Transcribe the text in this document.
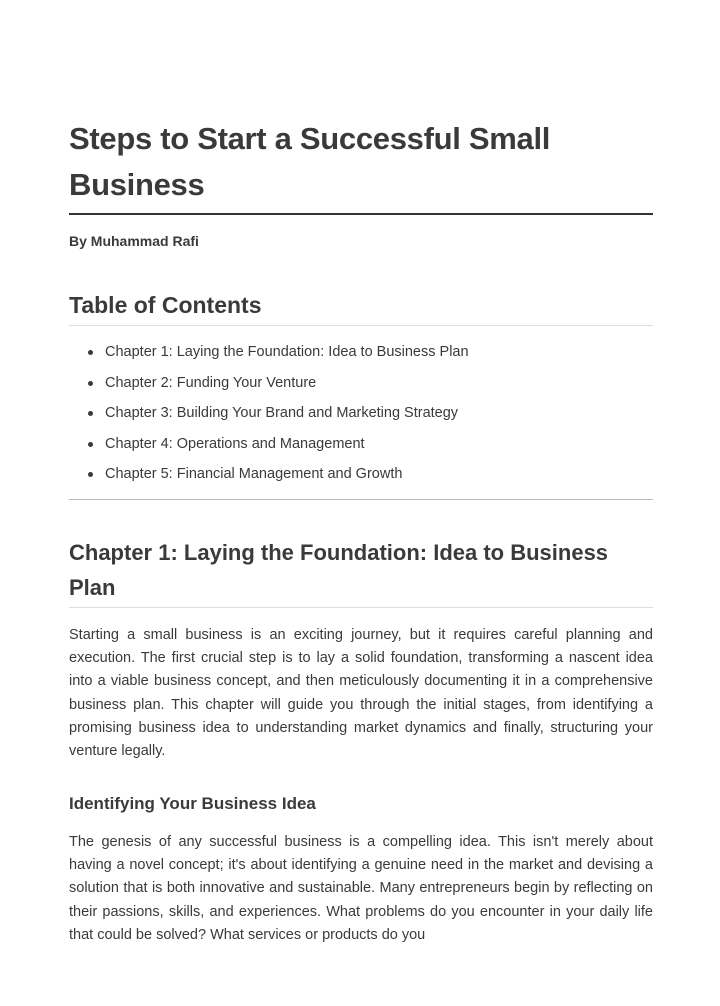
Steps to Start a Successful Small Business
By Muhammad Rafi
Table of Contents
Chapter 1: Laying the Foundation: Idea to Business Plan
Chapter 2: Funding Your Venture
Chapter 3: Building Your Brand and Marketing Strategy
Chapter 4: Operations and Management
Chapter 5: Financial Management and Growth
Chapter 1: Laying the Foundation: Idea to Business Plan

Starting a small business is an exciting journey, but it requires careful planning and execution. The first crucial step is to lay a solid foundation, transforming a nascent idea into a viable business concept, and then meticulously documenting it in a comprehensive business plan. This chapter will guide you through the initial stages, from identifying a promising business idea to understanding market dynamics and finally, structuring your venture legally.

Identifying Your Business Idea

The genesis of any successful business is a compelling idea. This isn't merely about having a novel concept; it's about identifying a genuine need in the market and devising a solution that is both innovative and sustainable. Many entrepreneurs begin by reflecting on their passions, skills, and experiences. What problems do you encounter in your daily life that could be solved? What services or products do you
